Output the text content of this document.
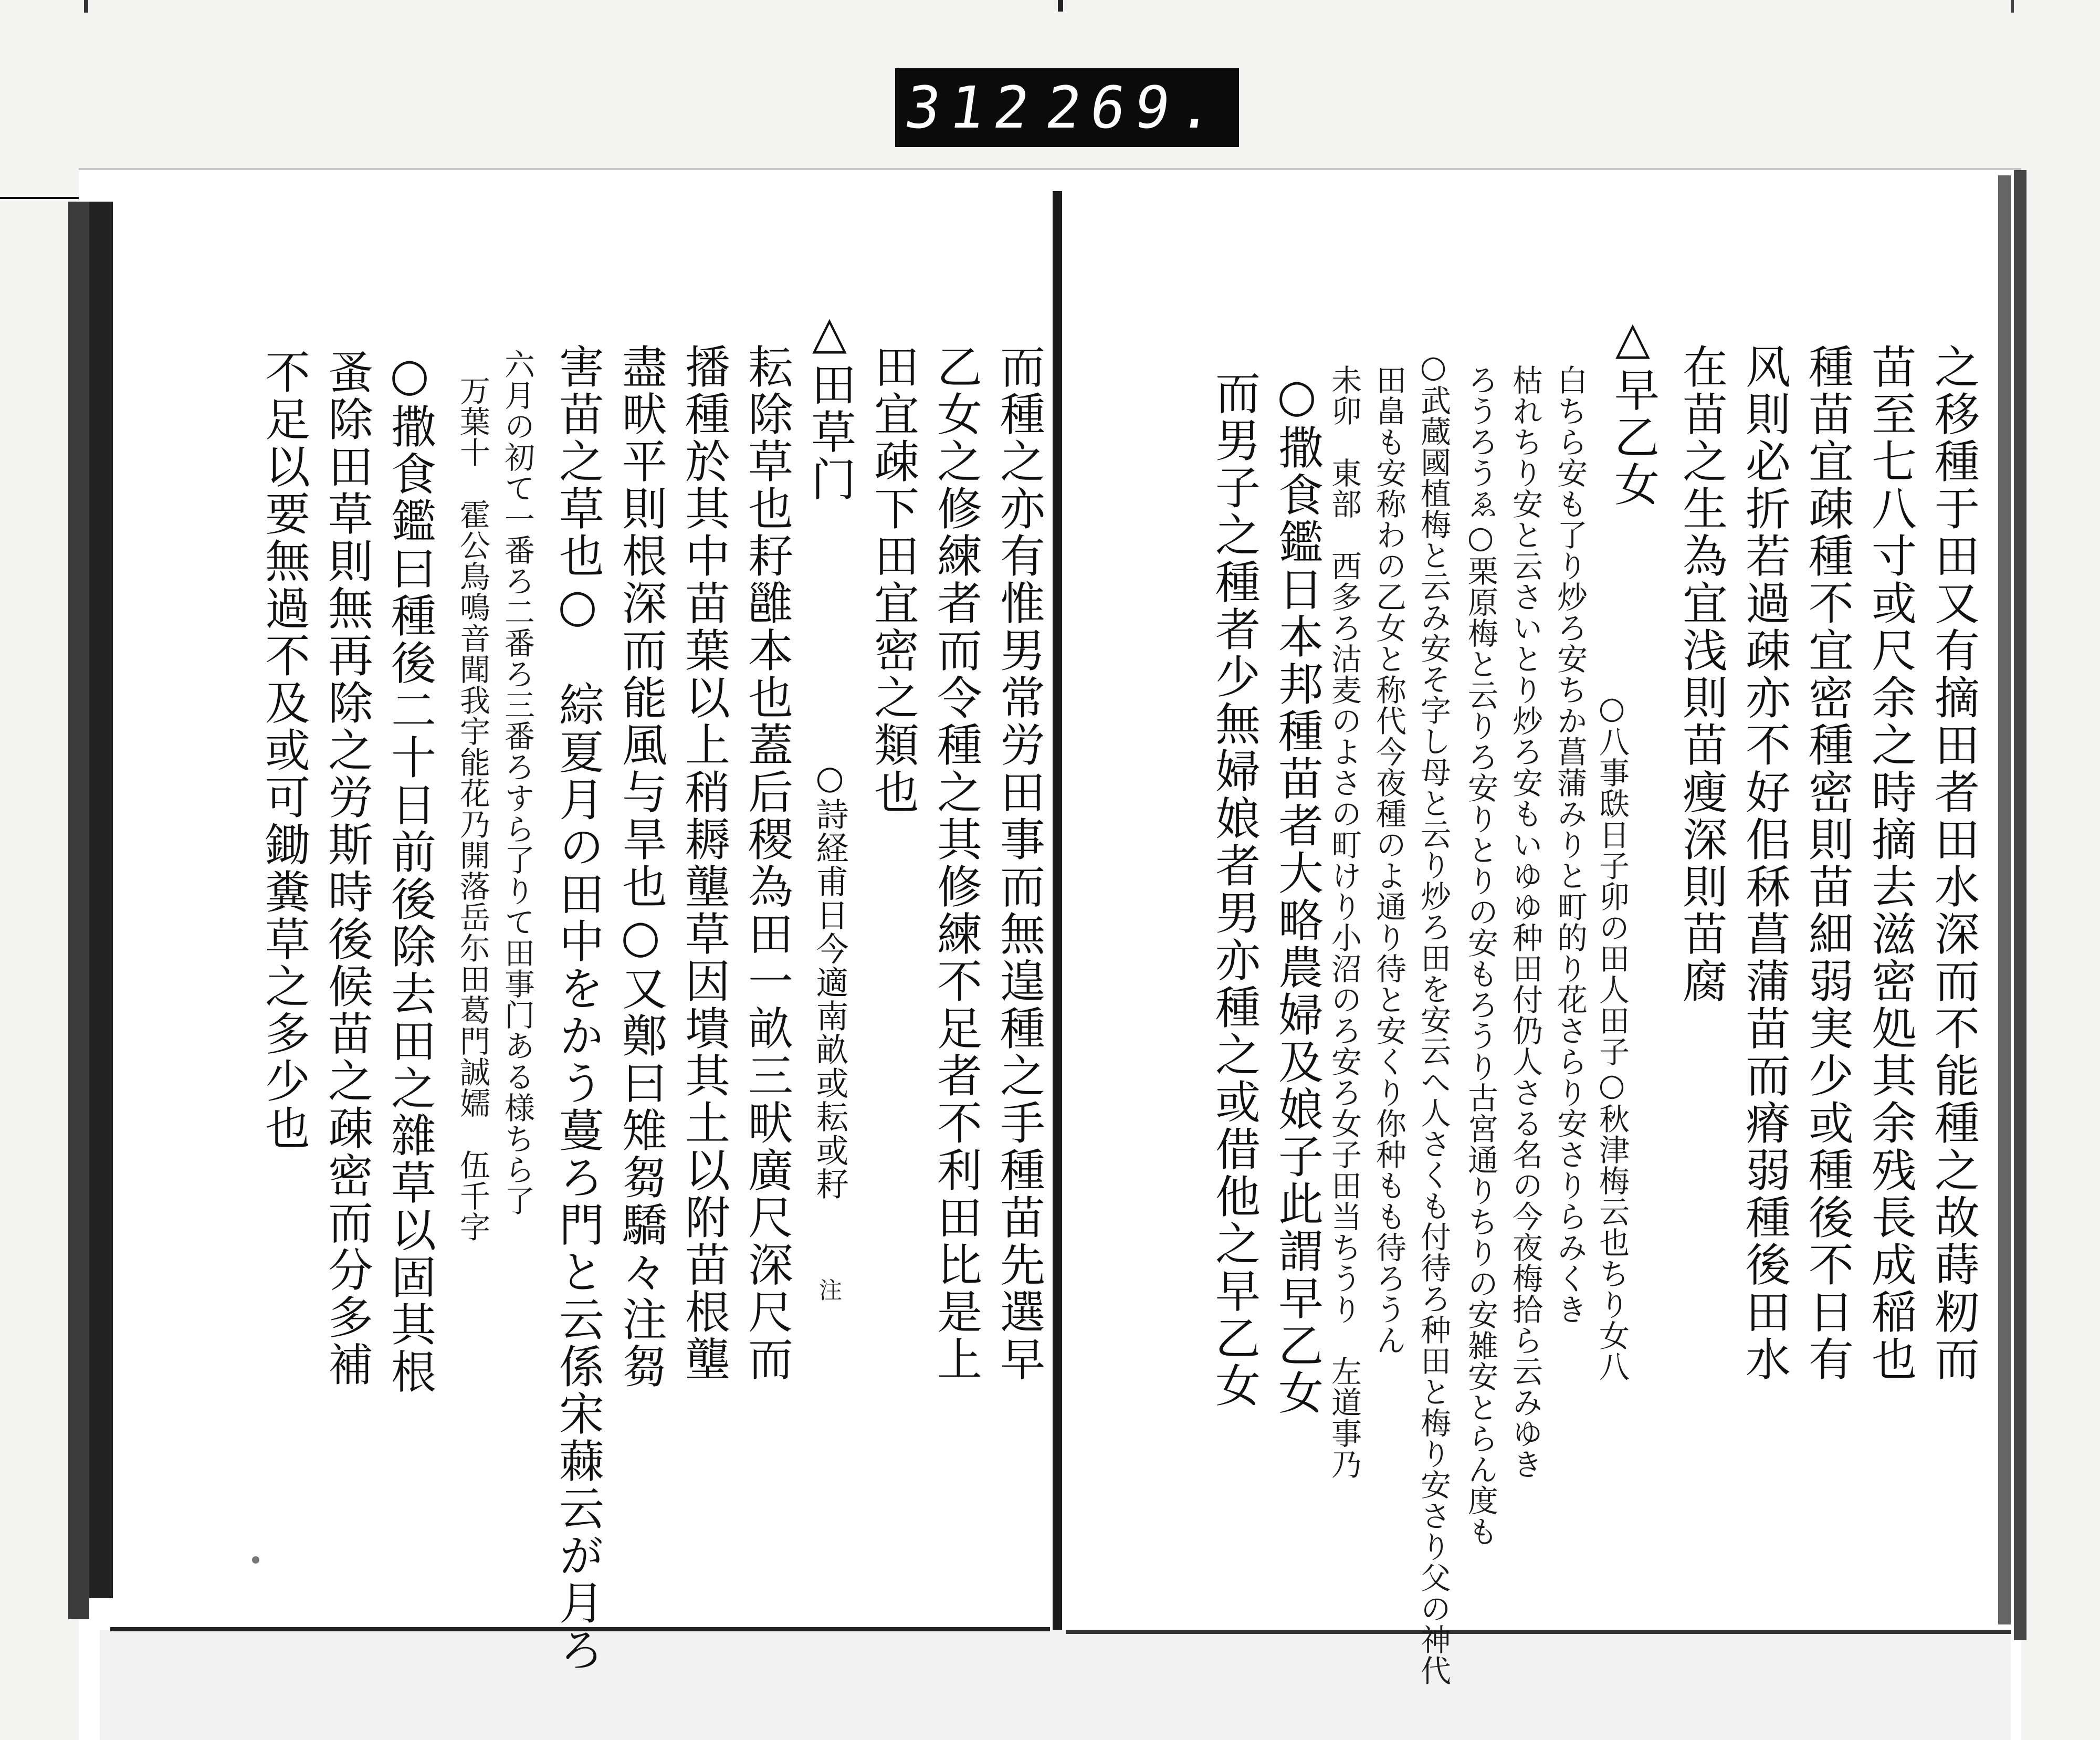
312
269.
之移種于田又有摘田者田水深而不能種之故蒔籾而
苗至七八寸或尺余之時摘去滋密処其余残長成稲也
種苗宜疎種不宜密種密則苗細弱実少或種後不日有
风則必折若過疎亦不好佀秝菖蒲苗而瘠弱種後田水
在苗之生為宜浅則苗瘦深則苗腐
△早乙女
○八事㲳日子卯の田人田子○秋津梅云也ちり女八
白ちら安も了り炒ろ安ちか菖蒲みりと町的り花さらり安さりらみくき
枯れちり安と云さいとり炒ろ安もいゆゆ种田付仍人さる名の今夜梅拾ら云みゆき
ろうろうゑ○栗原梅と云りろ安りとりの安もろうり古宮通りちりの安雑安とらん度も
○武蔵國植梅と云み安そ字し母と云り炒ろ田を安云へ人さくも付待ろ种田と梅り安さり父の神代
田畠も安称わの乙女と称代今夜種のよ通り待と安くり你种もも待ろうん
未卯　東部　西多ろ沽麦のよさの町けり小沼のろ安ろ女子田当ちうり　左道事乃
○撒食鑑日本邦種苗者大略農婦及娘子此謂早乙女
而男子之種者少無婦娘者男亦種之或借他之早乙女
而種之亦有惟男常労田事而無遑種之手種苗先選早
乙女之修練者而令種之其修練不足者不利田比是上
田宜疎下田宜密之類也
△田草门
○詩経甫日今適南畝或耘或耔
注
耘除草也耔雝本也蓋后稷為田一畝三畎廣尺深尺而
播種於其中苗葉以上稍耨壟草因墤其土以附苗根壟
盡畎平則根深而能風与旱也○又鄭曰雉芻驕々注芻
害苗之草也○　綜夏月の田中をかう蔓ろ門と云係宋蕀云が月ろ
六月の初て一番ろ二番ろ三番ろすら了りて田事门ある様ちら了
万葉十　霍公鳥鳴音聞我宇能花乃開落岳尓田葛門誠嬬　伍千字
○撒食鑑曰種後二十日前後除去田之雜草以固其根
蚤除田草則無再除之労斯時後候苗之疎密而分多補
不足以要無過不及或可鋤糞草之多少也
